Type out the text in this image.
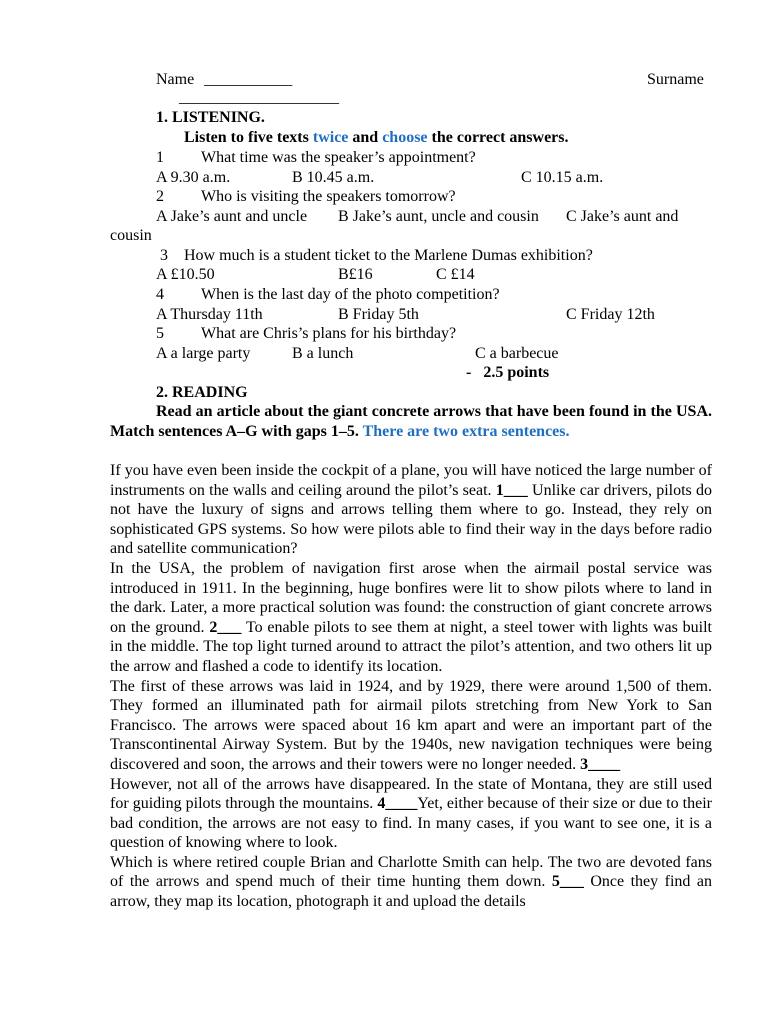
Name ___________	Surname
____________________
1. LISTENING.
Listen to five texts twice and choose the correct answers.
1 What time was the speaker’s appointment?
A 9.30 a.m.	B 10.45 a.m.	C 10.15 a.m.
2 Who is visiting the speakers tomorrow?
A Jake’s aunt and uncle B Jake’s aunt, uncle and cousin C Jake’s aunt and
cousin
3 How much is a student ticket to the Marlene Dumas exhibition?
A £10.50	B£16	C £14
4 When is the last day of the photo competition?
A Thursday 11th	B Friday 5th	C Friday 12th
5 What are Chris’s plans for his birthday?
A a large party	B a lunch	C a barbecue
-   2.5 points
2. READING
Read an article about the giant concrete arrows that have been found in the USA. Match sentences A–G with gaps 1–5. There are two extra sentences.

If you have even been inside the cockpit of a plane, you will have noticed the large number of instruments on the walls and ceiling around the pilot’s seat. 1___ Unlike car drivers, pilots do not have the luxury of signs and arrows telling them where to go. Instead, they rely on sophisticated GPS systems. So how were pilots able to find their way in the days before radio and satellite communication?

In the USA, the problem of navigation first arose when the airmail postal service was introduced in 1911. In the beginning, huge bonfires were lit to show pilots where to land in the dark. Later, a more practical solution was found: the construction of giant concrete arrows on the ground. 2___ To enable pilots to see them at night, a steel tower with lights was built in the middle. The top light turned around to attract the pilot’s attention, and two others lit up the arrow and flashed a code to identify its location.

The first of these arrows was laid in 1924, and by 1929, there were around 1,500 of them. They formed an illuminated path for airmail pilots stretching from New York to San Francisco. The arrows were spaced about 16 km apart and were an important part of the Transcontinental Airway System. But by the 1940s, new navigation techniques were being discovered and soon, the arrows and their towers were no longer needed. 3____

However, not all of the arrows have disappeared. In the state of Montana, they are still used for guiding pilots through the mountains. 4____Yet, either because of their size or due to their bad condition, the arrows are not easy to find. In many cases, if you want to see one, it is a question of knowing where to look.

Which is where retired couple Brian and Charlotte Smith can help. The two are devoted fans of the arrows and spend much of their time hunting them down. 5___ Once they find an arrow, they map its location, photograph it and upload the details
